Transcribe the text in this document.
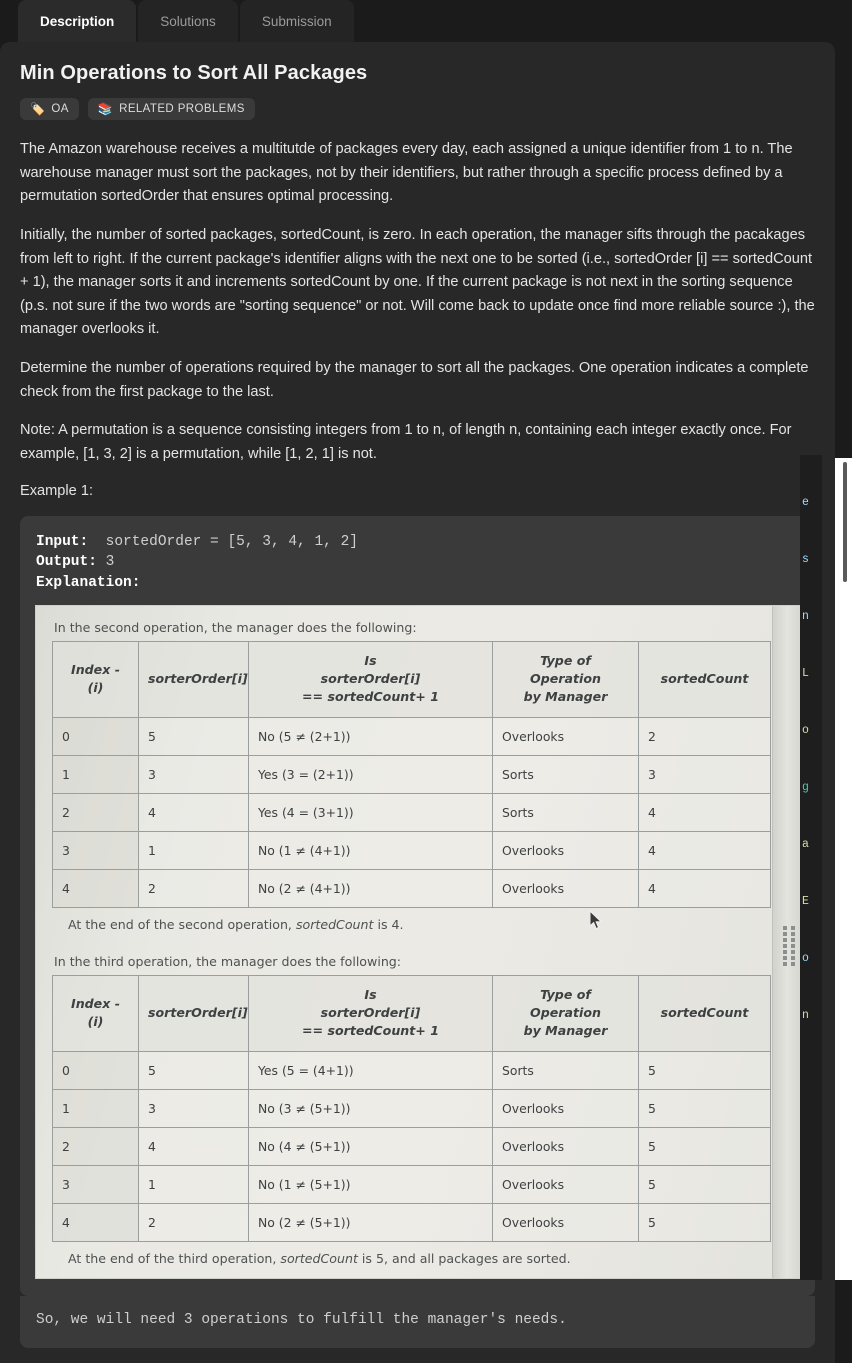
Description	Solutions	Submission
Min Operations to Sort All Packages
🏷️ OA 📚 RELATED PROBLEMS

The Amazon warehouse receives a multitutde of packages every day, each assigned a unique identifier from 1 to n. The warehouse manager must sort the packages, not by their identifiers, but rather through a specific process defined by a permutation sortedOrder that ensures optimal processing.

Initially, the number of sorted packages, sortedCount, is zero. In each operation, the manager sifts through the pacakages from left to right. If the current package's identifier aligns with the next one to be sorted (i.e., sortedOrder [i] == sortedCount + 1), the manager sorts it and increments sortedCount by one. If the current package is not next in the sorting sequence (p.s. not sure if the two words are "sorting sequence" or not. Will come back to update once find more reliable source :), the manager overlooks it.

Determine the number of operations required by the manager to sort all the packages. One operation indicates a complete check from the first package to the last.

Note: A permutation is a sequence consisting integers from 1 to n, of length n, containing each integer exactly once. For example, [1, 3, 2] is a permutation, while [1, 2, 1] is not.

Example 1:

Input: sortedOrder = [5, 3, 4, 1, 2]
Output: 3
Explanation:
In the second operation, the manager does the following:
Index -
(i)	sorterOrder[i]	Is
sorterOrder[i]
== sortedCount+ 1	Type of
Operation
by Manager	sortedCount
0	5	No (5 ≠ (2+1))	Overlooks	2
1	3	Yes (3 = (2+1))	Sorts	3
2	4	Yes (4 = (3+1))	Sorts	4
3	1	No (1 ≠ (4+1))	Overlooks	4
4	2	No (2 ≠ (4+1))	Overlooks	4
At the end of the second operation, sortedCount is 4.
In the third operation, the manager does the following:
Index -
(i)	sorterOrder[i]	Is
sorterOrder[i]
== sortedCount+ 1	Type of
Operation
by Manager	sortedCount
0	5	Yes (5 = (4+1))	Sorts	5
1	3	No (3 ≠ (5+1))	Overlooks	5
2	4	No (4 ≠ (5+1))	Overlooks	5
3	1	No (1 ≠ (5+1))	Overlooks	5
4	2	No (2 ≠ (5+1))	Overlooks	5
At the end of the third operation, sortedCount is 5, and all packages are sorted.
So, we will need 3 operations to fulfill the manager's needs.

e

s

n

L

o

g

a

E

o

n
